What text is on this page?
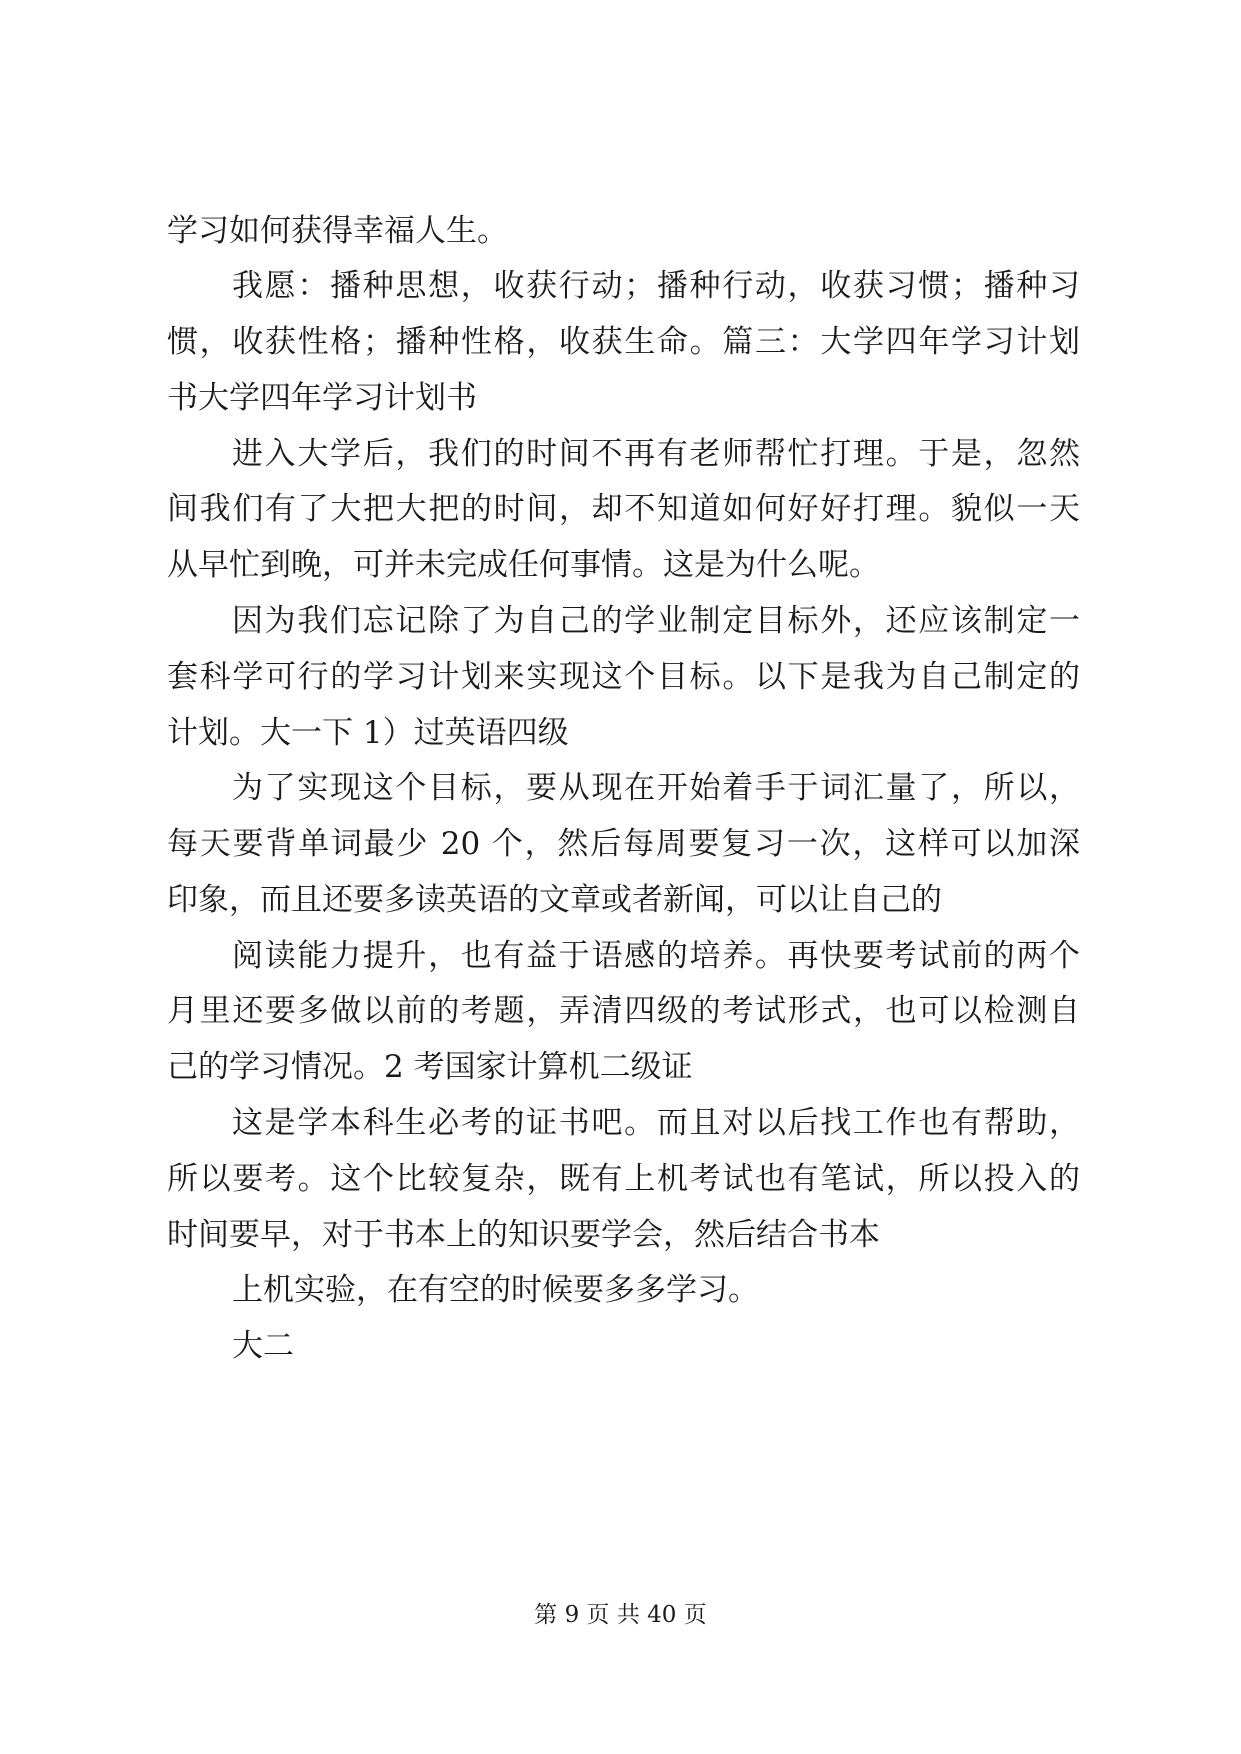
学习如何获得幸福人生。
我愿：播种思想，收获行动；播种行动，收获习惯；播种习
惯，收获性格；播种性格，收获生命。篇三：大学四年学习计划
书大学四年学习计划书
进入大学后，我们的时间不再有老师帮忙打理。于是，忽然
间我们有了大把大把的时间，却不知道如何好好打理。貌似一天
从早忙到晚，可并未完成任何事情。这是为什么呢。
因为我们忘记除了为自己的学业制定目标外，还应该制定一
套科学可行的学习计划来实现这个目标。以下是我为自己制定的
计划。大一下 1）过英语四级
为了实现这个目标，要从现在开始着手于词汇量了，所以，
每天要背单词最少 20 个，然后每周要复习一次，这样可以加深
印象，而且还要多读英语的文章或者新闻，可以让自己的
阅读能力提升，也有益于语感的培养。再快要考试前的两个
月里还要多做以前的考题，弄清四级的考试形式，也可以检测自
己的学习情况。2 考国家计算机二级证
这是学本科生必考的证书吧。而且对以后找工作也有帮助，
所以要考。这个比较复杂，既有上机考试也有笔试，所以投入的
时间要早，对于书本上的知识要学会，然后结合书本
上机实验，在有空的时候要多多学习。
大二
第 9 页 共 40 页
